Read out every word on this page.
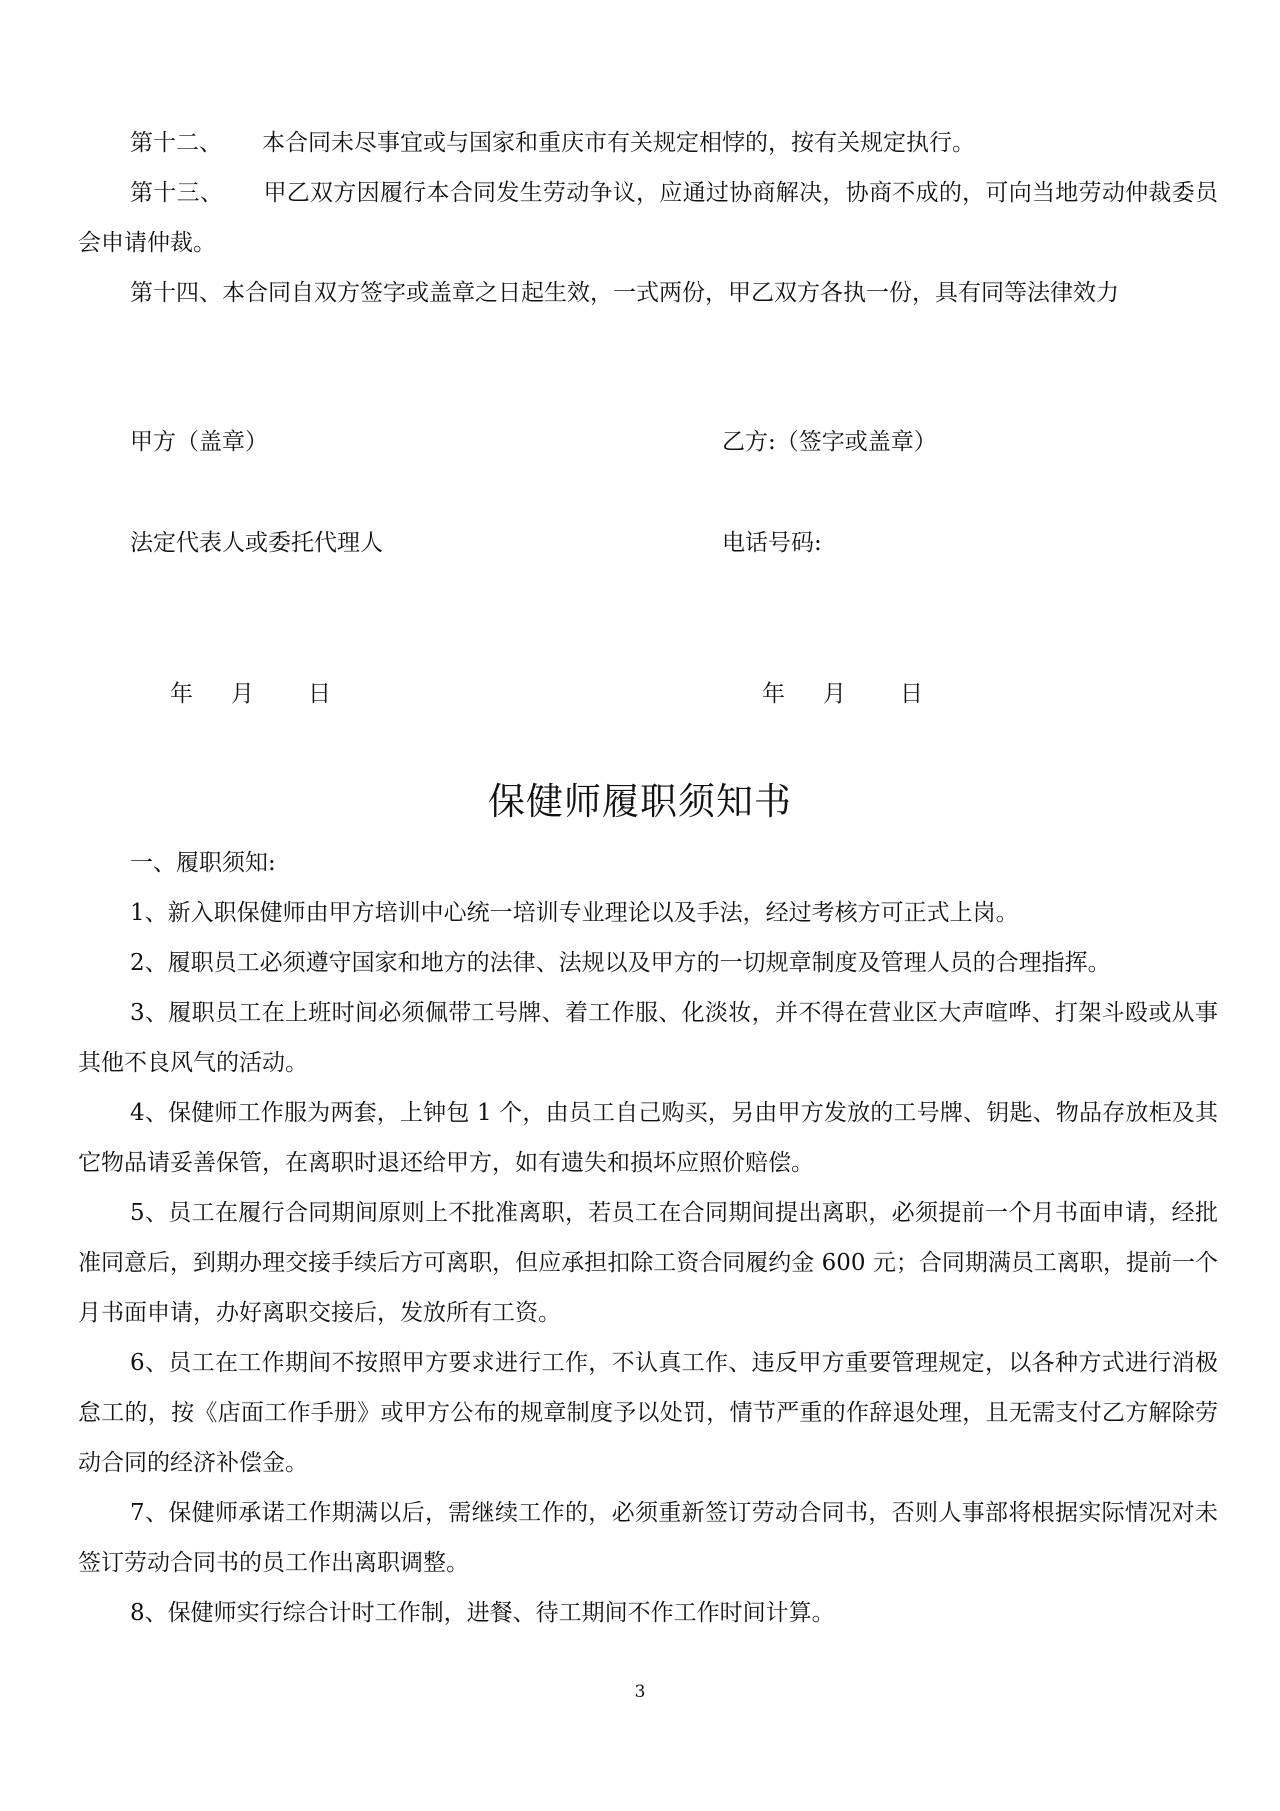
第十二、 本合同未尽事宜或与国家和重庆市有关规定相悖的，按有关规定执行。

第十三、 甲乙双方因履行本合同发生劳动争议，应通过协商解决，协商不成的，可向当地劳动仲裁委员会申请仲裁。

第十四、本合同自双方签字或盖章之日起生效，一式两份，甲乙双方各执一份，具有同等法律效力

甲方（盖章）	乙方:（签字或盖章）

法定代表人或委托代理人	电话号码:

年 月 日	年 月 日
保健师履职须知书

一、履职须知:

1、新入职保健师由甲方培训中心统一培训专业理论以及手法，经过考核方可正式上岗。

2、履职员工必须遵守国家和地方的法律、法规以及甲方的一切规章制度及管理人员的合理指挥。

3、履职员工在上班时间必须佩带工号牌、着工作服、化淡妆，并不得在营业区大声喧哗、打架斗殴或从事其他不良风气的活动。

4、保健师工作服为两套，上钟包 1 个，由员工自己购买，另由甲方发放的工号牌、钥匙、物品存放柜及其它物品请妥善保管，在离职时退还给甲方，如有遗失和损坏应照价赔偿。

5、员工在履行合同期间原则上不批准离职，若员工在合同期间提出离职，必须提前一个月书面申请，经批准同意后，到期办理交接手续后方可离职，但应承担扣除工资合同履约金 600 元；合同期满员工离职，提前一个月书面申请，办好离职交接后，发放所有工资。

6、员工在工作期间不按照甲方要求进行工作，不认真工作、违反甲方重要管理规定，以各种方式进行消极怠工的，按《店面工作手册》或甲方公布的规章制度予以处罚，情节严重的作辞退处理，且无需支付乙方解除劳动合同的经济补偿金。

7、保健师承诺工作期满以后，需继续工作的，必须重新签订劳动合同书，否则人事部将根据实际情况对未签订劳动合同书的员工作出离职调整。

8、保健师实行综合计时工作制，进餐、待工期间不作工作时间计算。

3
